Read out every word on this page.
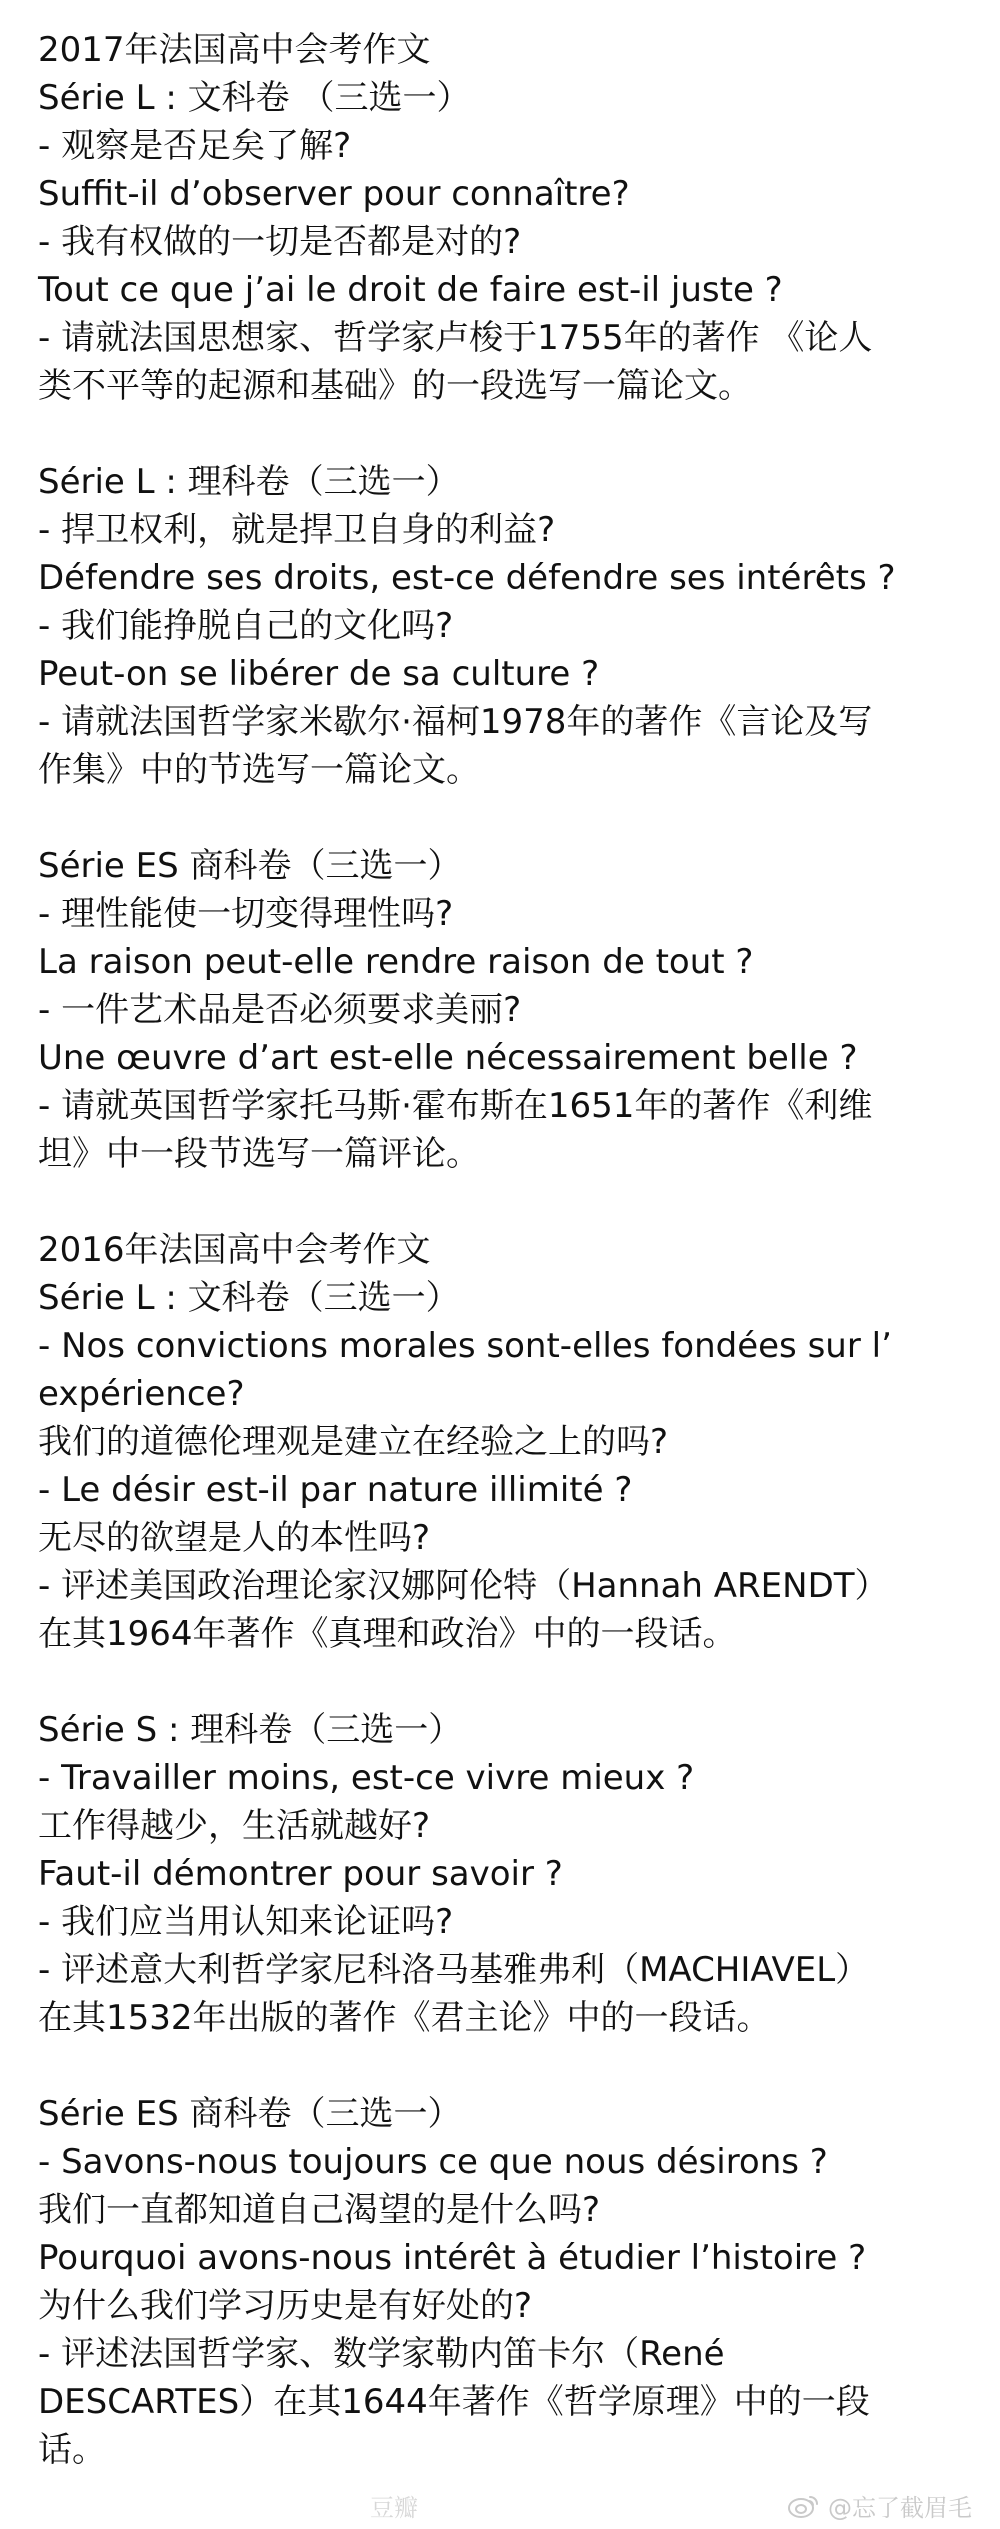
2017年法国高中会考作文
Série L : 文科卷 （三选一）
- 观察是否足矣了解?
Suffit-il d’observer pour connaître?
- 我有权做的一切是否都是对的?
Tout ce que j’ai le droit de faire est-il juste ?
- 请就法国思想家、哲学家卢梭于1755年的著作 《论人
类不平等的起源和基础》的一段选写一篇论文。
Série L : 理科卷（三选一）
- 捍卫权利，就是捍卫自身的利益?
Défendre ses droits, est-ce défendre ses intérêts ?
- 我们能挣脱自己的文化吗?
Peut-on se libérer de sa culture ?
- 请就法国哲学家米歇尔·福柯1978年的著作《言论及写
作集》中的节选写一篇论文。
Série ES 商科卷（三选一）
- 理性能使一切变得理性吗?
La raison peut-elle rendre raison de tout ?
- 一件艺术品是否必须要求美丽?
Une œuvre d’art est-elle nécessairement belle ?
- 请就英国哲学家托马斯·霍布斯在1651年的著作《利维
坦》中一段节选写一篇评论。
2016年法国高中会考作文
Série L : 文科卷（三选一）
- Nos convictions morales sont-elles fondées sur l’
expérience?
我们的道德伦理观是建立在经验之上的吗?
- Le désir est-il par nature illimité ?
无尽的欲望是人的本性吗?
- 评述美国政治理论家汉娜阿伦特（Hannah ARENDT）
在其1964年著作《真理和政治》中的一段话。
Série S : 理科卷（三选一）
- Travailler moins, est-ce vivre mieux ?
工作得越少，生活就越好?
Faut-il démontrer pour savoir ?
- 我们应当用认知来论证吗?
- 评述意大利哲学家尼科洛马基雅弗利（MACHIAVEL）
在其1532年出版的著作《君主论》中的一段话。
Série ES 商科卷（三选一）
- Savons-nous toujours ce que nous désirons ?
我们一直都知道自己渴望的是什么吗?
Pourquoi avons-nous intérêt à étudier l’histoire ?
为什么我们学习历史是有好处的?
- 评述法国哲学家、数学家勒内笛卡尔（René
DESCARTES）在其1644年著作《哲学原理》中的一段
话。
豆瓣	@忘了截眉毛
